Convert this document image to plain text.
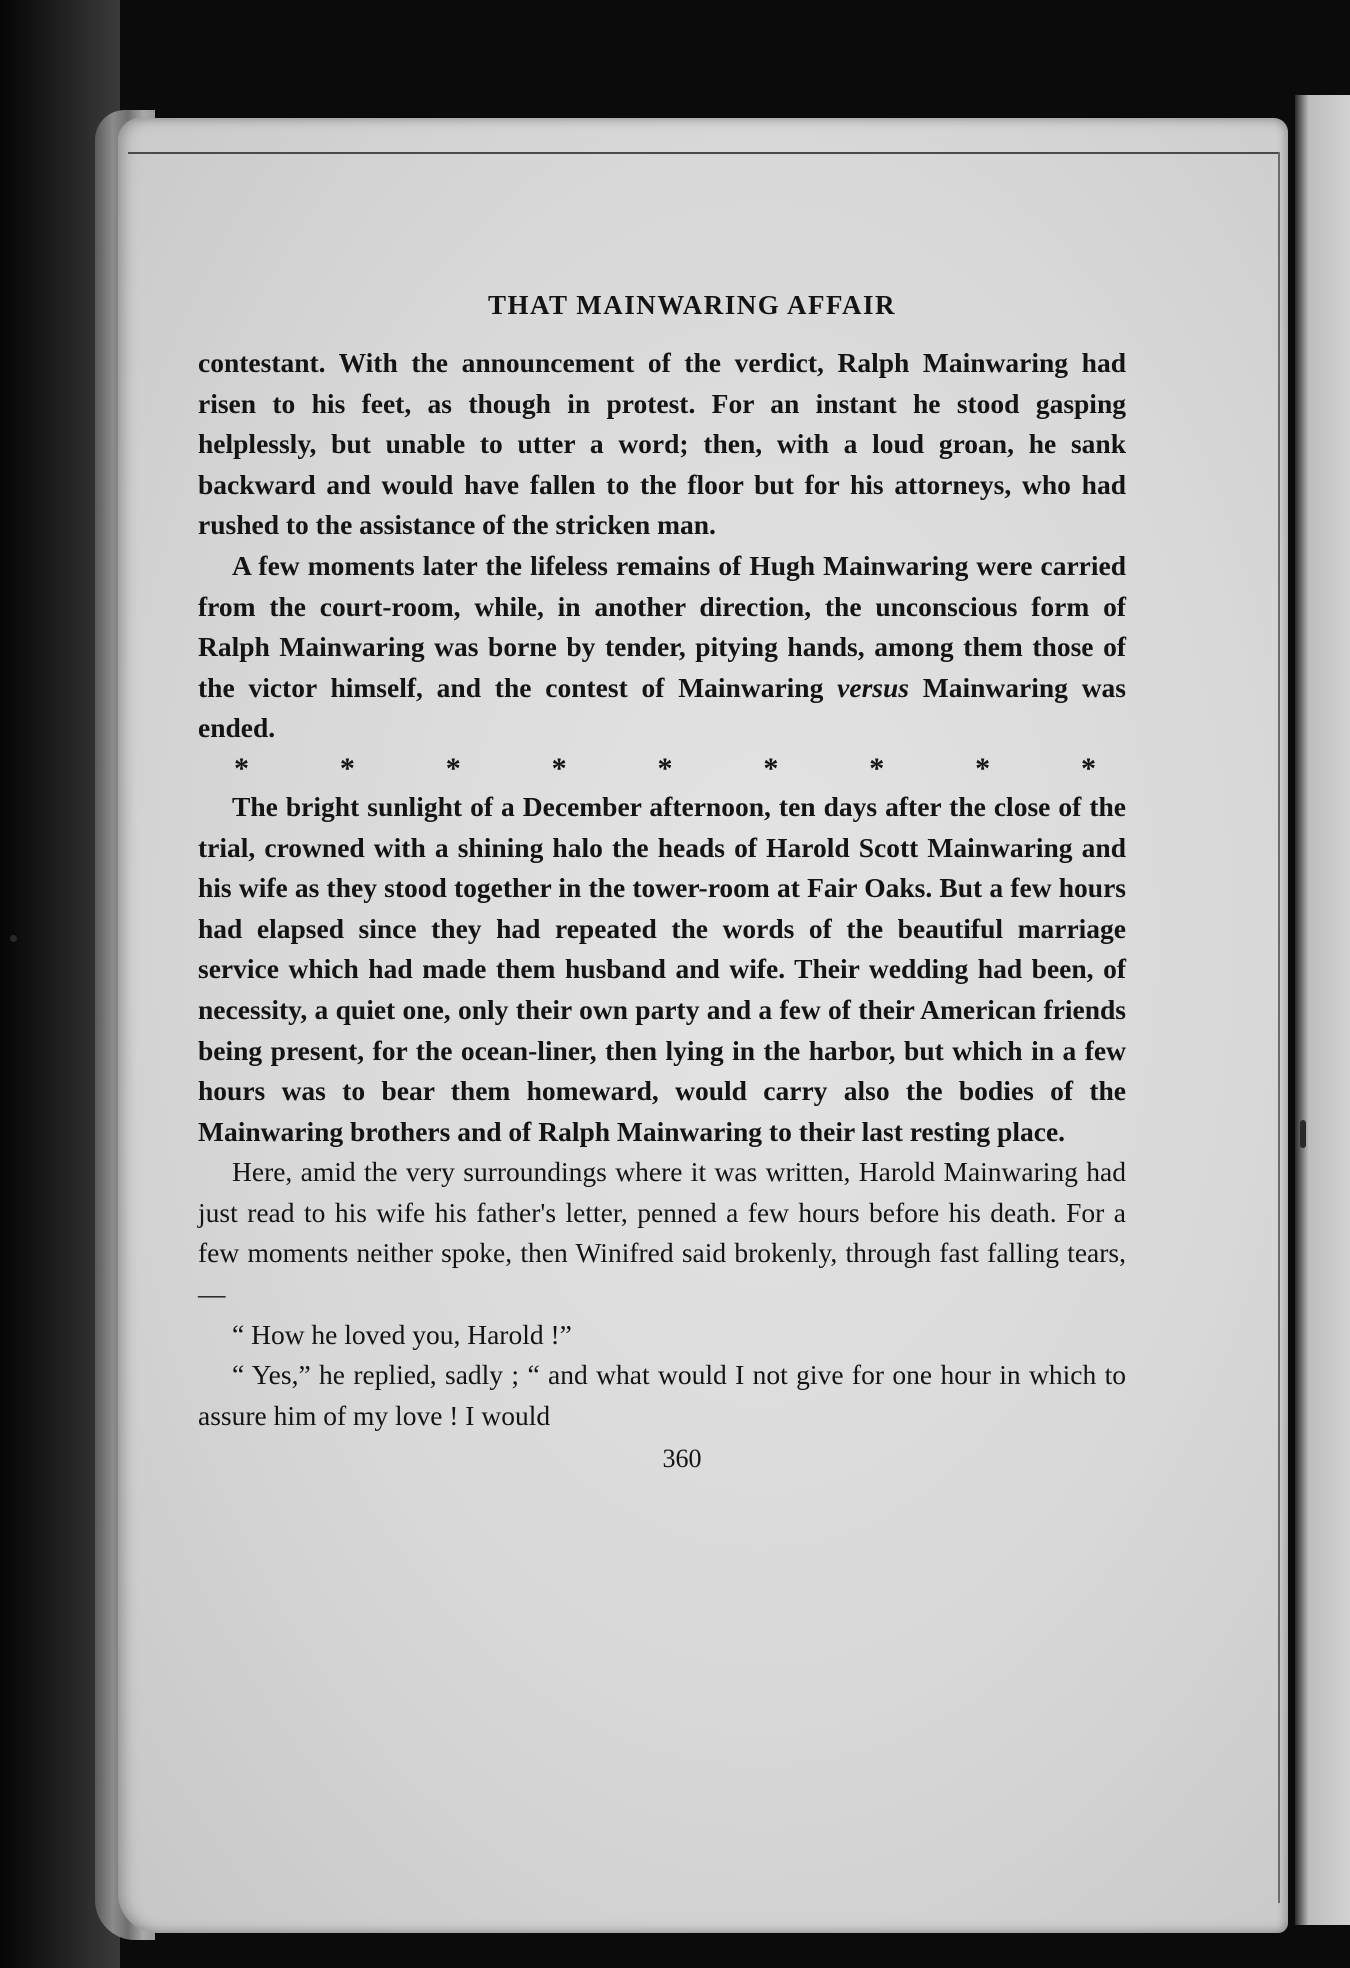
THAT MAINWARING AFFAIR

contestant. With the announcement of the verdict, Ralph Mainwaring had risen to his feet, as though in protest. For an instant he stood gasping helplessly, but unable to utter a word; then, with a loud groan, he sank backward and would have fallen to the floor but for his attorneys, who had rushed to the assistance of the stricken man.

A few moments later the lifeless remains of Hugh Mainwaring were carried from the court-room, while, in another direction, the unconscious form of Ralph Mainwaring was borne by tender, pitying hands, among them those of the victor himself, and the contest of Mainwaring versus Mainwaring was ended.

*	*	*	*	*	*	*	*	*

The bright sunlight of a December afternoon, ten days after the close of the trial, crowned with a shining halo the heads of Harold Scott Mainwaring and his wife as they stood together in the tower-room at Fair Oaks. But a few hours had elapsed since they had repeated the words of the beautiful marriage service which had made them husband and wife. Their wedding had been, of necessity, a quiet one, only their own party and a few of their American friends being present, for the ocean-liner, then lying in the harbor, but which in a few hours was to bear them homeward, would carry also the bodies of the Mainwaring brothers and of Ralph Mainwaring to their last resting place.

Here, amid the very surroundings where it was written, Harold Mainwaring had just read to his wife his father's letter, penned a few hours before his death. For a few moments neither spoke, then Winifred said brokenly, through fast falling tears,—

“ How he loved you, Harold !”

“ Yes,” he replied, sadly ; “ and what would I not give for one hour in which to assure him of my love ! I would

360
